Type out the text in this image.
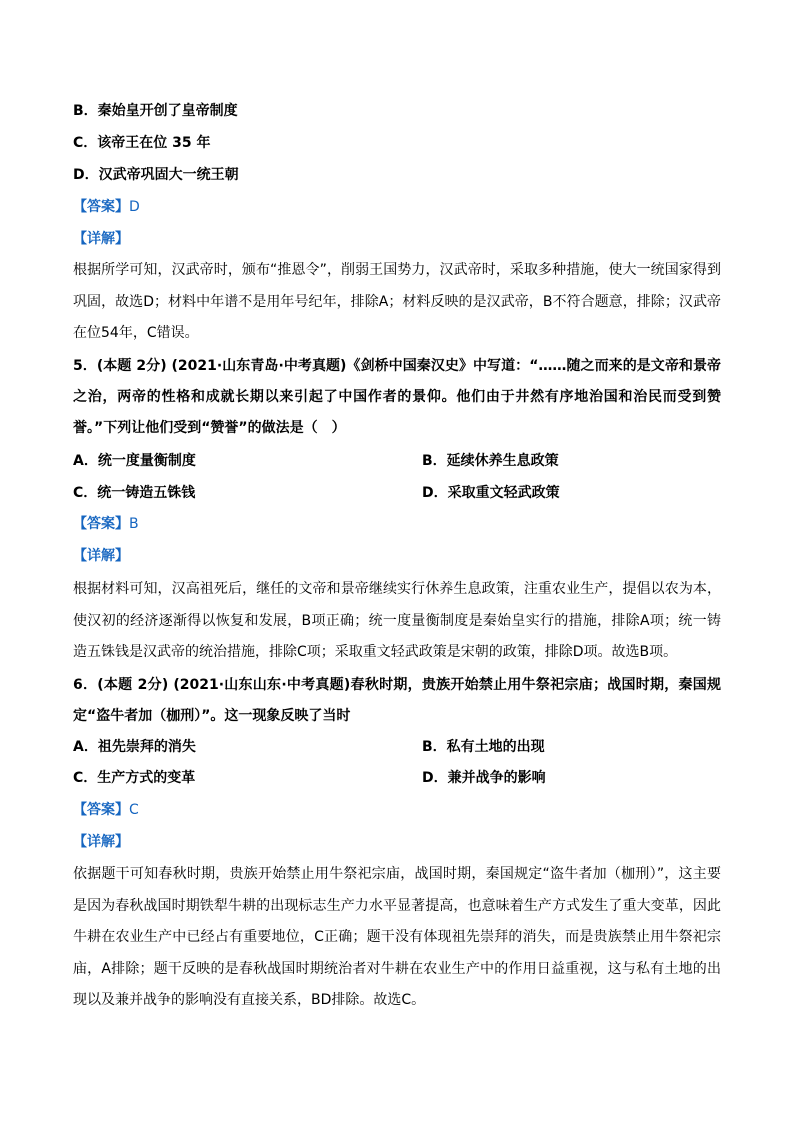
B．秦始皇开创了皇帝制度
C．该帝王在位 35 年
D．汉武帝巩固大一统王朝
【答案】D
【详解】
根据所学可知，汉武帝时，颁布“推恩令”，削弱王国势力，汉武帝时，采取多种措施，使大一统国家得到巩固，故选D；材料中年谱不是用年号纪年，排除A；材料反映的是汉武帝，B不符合题意，排除；汉武帝在位54年，C错误。
5．(本题 2分) (2021·山东青岛·中考真题)《剑桥中国秦汉史》中写道：“……随之而来的是文帝和景帝之治，两帝的性格和成就长期以来引起了中国作者的景仰。他们由于井然有序地治国和治民而受到赞誉。”下列让他们受到“赞誉”的做法是（　）
A．统一度量衡制度	B．延续休养生息政策
C．统一铸造五铢钱	D．采取重文轻武政策
【答案】B
【详解】
根据材料可知，汉高祖死后，继任的文帝和景帝继续实行休养生息政策，注重农业生产，提倡以农为本，使汉初的经济逐渐得以恢复和发展，B项正确；统一度量衡制度是秦始皇实行的措施，排除A项；统一铸造五铢钱是汉武帝的统治措施，排除C项；采取重文轻武政策是宋朝的政策，排除D项。故选B项。
6．(本题 2分) (2021·山东山东·中考真题)春秋时期，贵族开始禁止用牛祭祀宗庙；战国时期，秦国规定“盗牛者加（枷刑）”。这一现象反映了当时
A．祖先崇拜的消失	B．私有土地的出现
C．生产方式的变革	D．兼并战争的影响
【答案】C
【详解】
依据题干可知春秋时期，贵族开始禁止用牛祭祀宗庙，战国时期，秦国规定“盗牛者加（枷刑）”，这主要是因为春秋战国时期铁犁牛耕的出现标志生产力水平显著提高，也意味着生产方式发生了重大变革，因此牛耕在农业生产中已经占有重要地位，C正确；题干没有体现祖先崇拜的消失，而是贵族禁止用牛祭祀宗庙，A排除；题干反映的是春秋战国时期统治者对牛耕在农业生产中的作用日益重视，这与私有土地的出现以及兼并战争的影响没有直接关系，BD排除。故选C。
